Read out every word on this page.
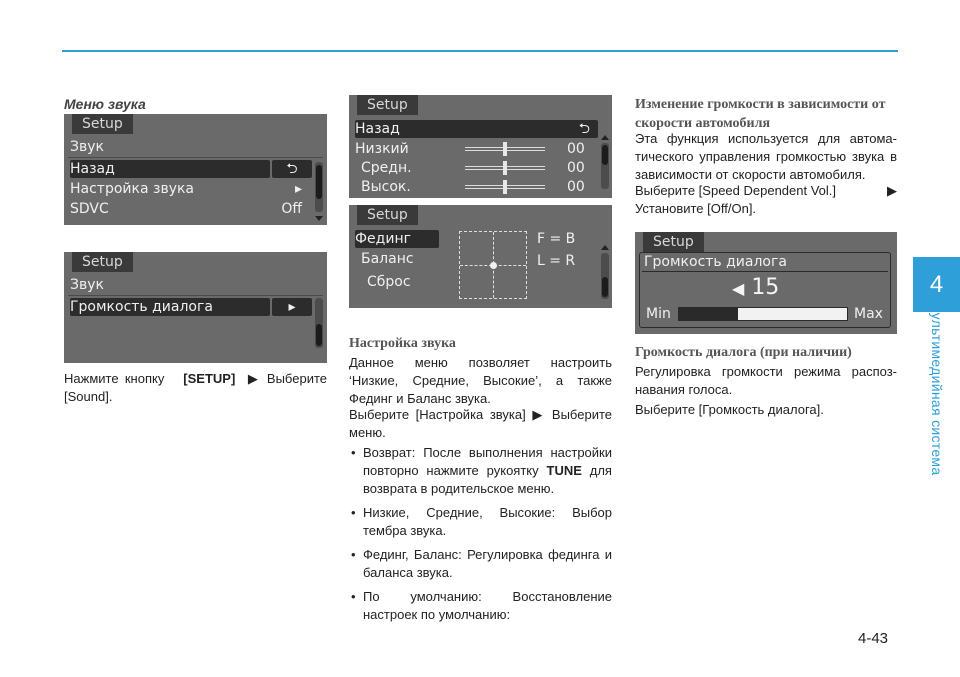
4
Мультимедийная система
Меню звука
Setup
Звук
Назад	⮌
Настройка звука	▸
SDVC	Off
Setup
Звук
Громкость диалога	▸
Нажмите кнопку [SETUP] ▶ Выберите [Sound].
Setup
Назад	⮌
Низкий	00
Средн.	00
Высок.	00
Setup
Фединг
Баланс
Сброс
F = B
L = R
Настройка звука
Данное меню позволяет настроить ‘Низкие, Средние, Высокие’, а также Фединг и Баланс звука.
Выберите [Настройка звука] ▶ Выберите меню.
• Возврат: После выполнения настройки повторно нажмите рукоятку TUNE для возврата в родительское меню.
• Низкие, Средние, Высокие: Выбор тембра звука.
• Фединг, Баланс: Регулировка фединга и баланса звука.
• По умолчанию: Восстановление настроек по умолчанию:
Изменение громкости в зависимости от скорости автомобиля
Эта функция используется для автома-тического управления громкостью звука в зависимости от скорости автомобиля.
Выберите [Speed Dependent Vol.]	▶

Установите [Off/On].
Setup
Громкость диалога
◀ 15
Min	Max
Громкость диалога (при наличии)
Регулировка громкости режима распоз-навания голоса.
Выберите [Громкость диалога].
4-43
